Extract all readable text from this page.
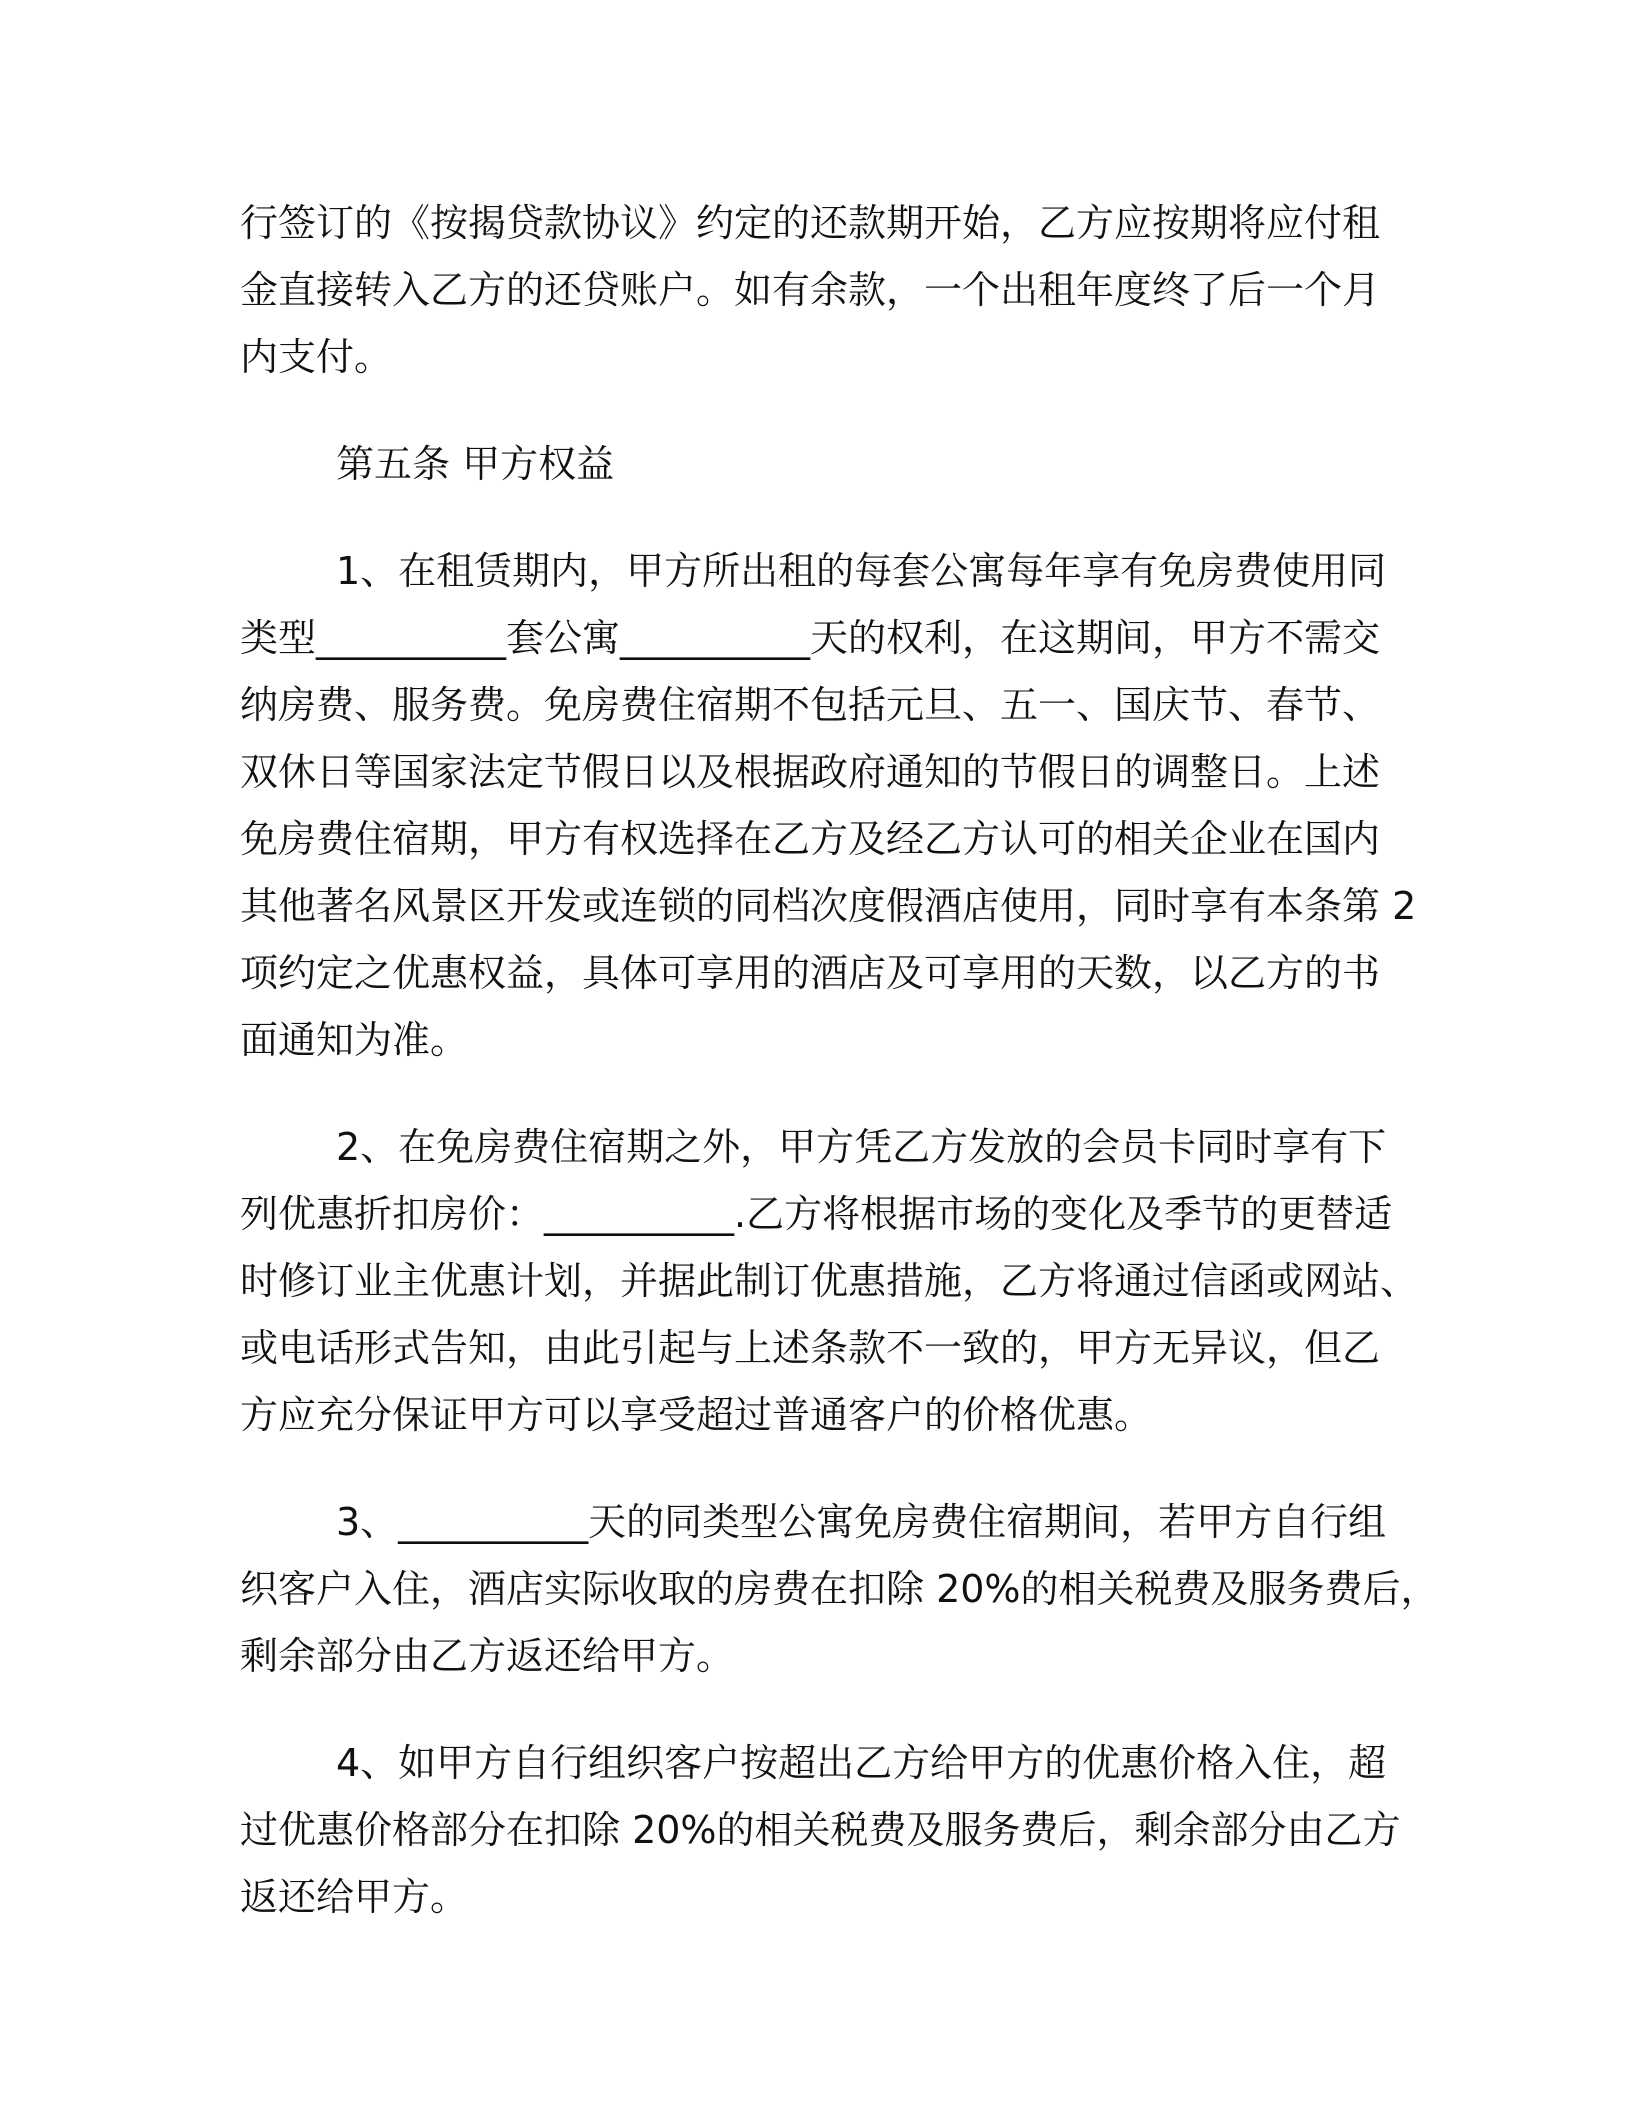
行签订的《按揭贷款协议》约定的还款期开始，乙方应按期将应付租
金直接转入乙方的还贷账户。如有余款，一个出租年度终了后一个月
内支付。

第五条 甲方权益

1、在租赁期内，甲方所出租的每套公寓每年享有免房费使用同
类型__________套公寓__________天的权利，在这期间，甲方不需交
纳房费、服务费。免房费住宿期不包括元旦、五一、国庆节、春节、
双休日等国家法定节假日以及根据政府通知的节假日的调整日。上述
免房费住宿期，甲方有权选择在乙方及经乙方认可的相关企业在国内
其他著名风景区开发或连锁的同档次度假酒店使用，同时享有本条第 2
项约定之优惠权益，具体可享用的酒店及可享用的天数，以乙方的书
面通知为准。

2、在免房费住宿期之外，甲方凭乙方发放的会员卡同时享有下
列优惠折扣房价：__________.乙方将根据市场的变化及季节的更替适
时修订业主优惠计划，并据此制订优惠措施，乙方将通过信函或网站、
或电话形式告知，由此引起与上述条款不一致的，甲方无异议，但乙
方应充分保证甲方可以享受超过普通客户的价格优惠。

3、__________天的同类型公寓免房费住宿期间，若甲方自行组
织客户入住，酒店实际收取的房费在扣除 20%的相关税费及服务费后，
剩余部分由乙方返还给甲方。

4、如甲方自行组织客户按超出乙方给甲方的优惠价格入住，超
过优惠价格部分在扣除 20%的相关税费及服务费后，剩余部分由乙方
返还给甲方。
